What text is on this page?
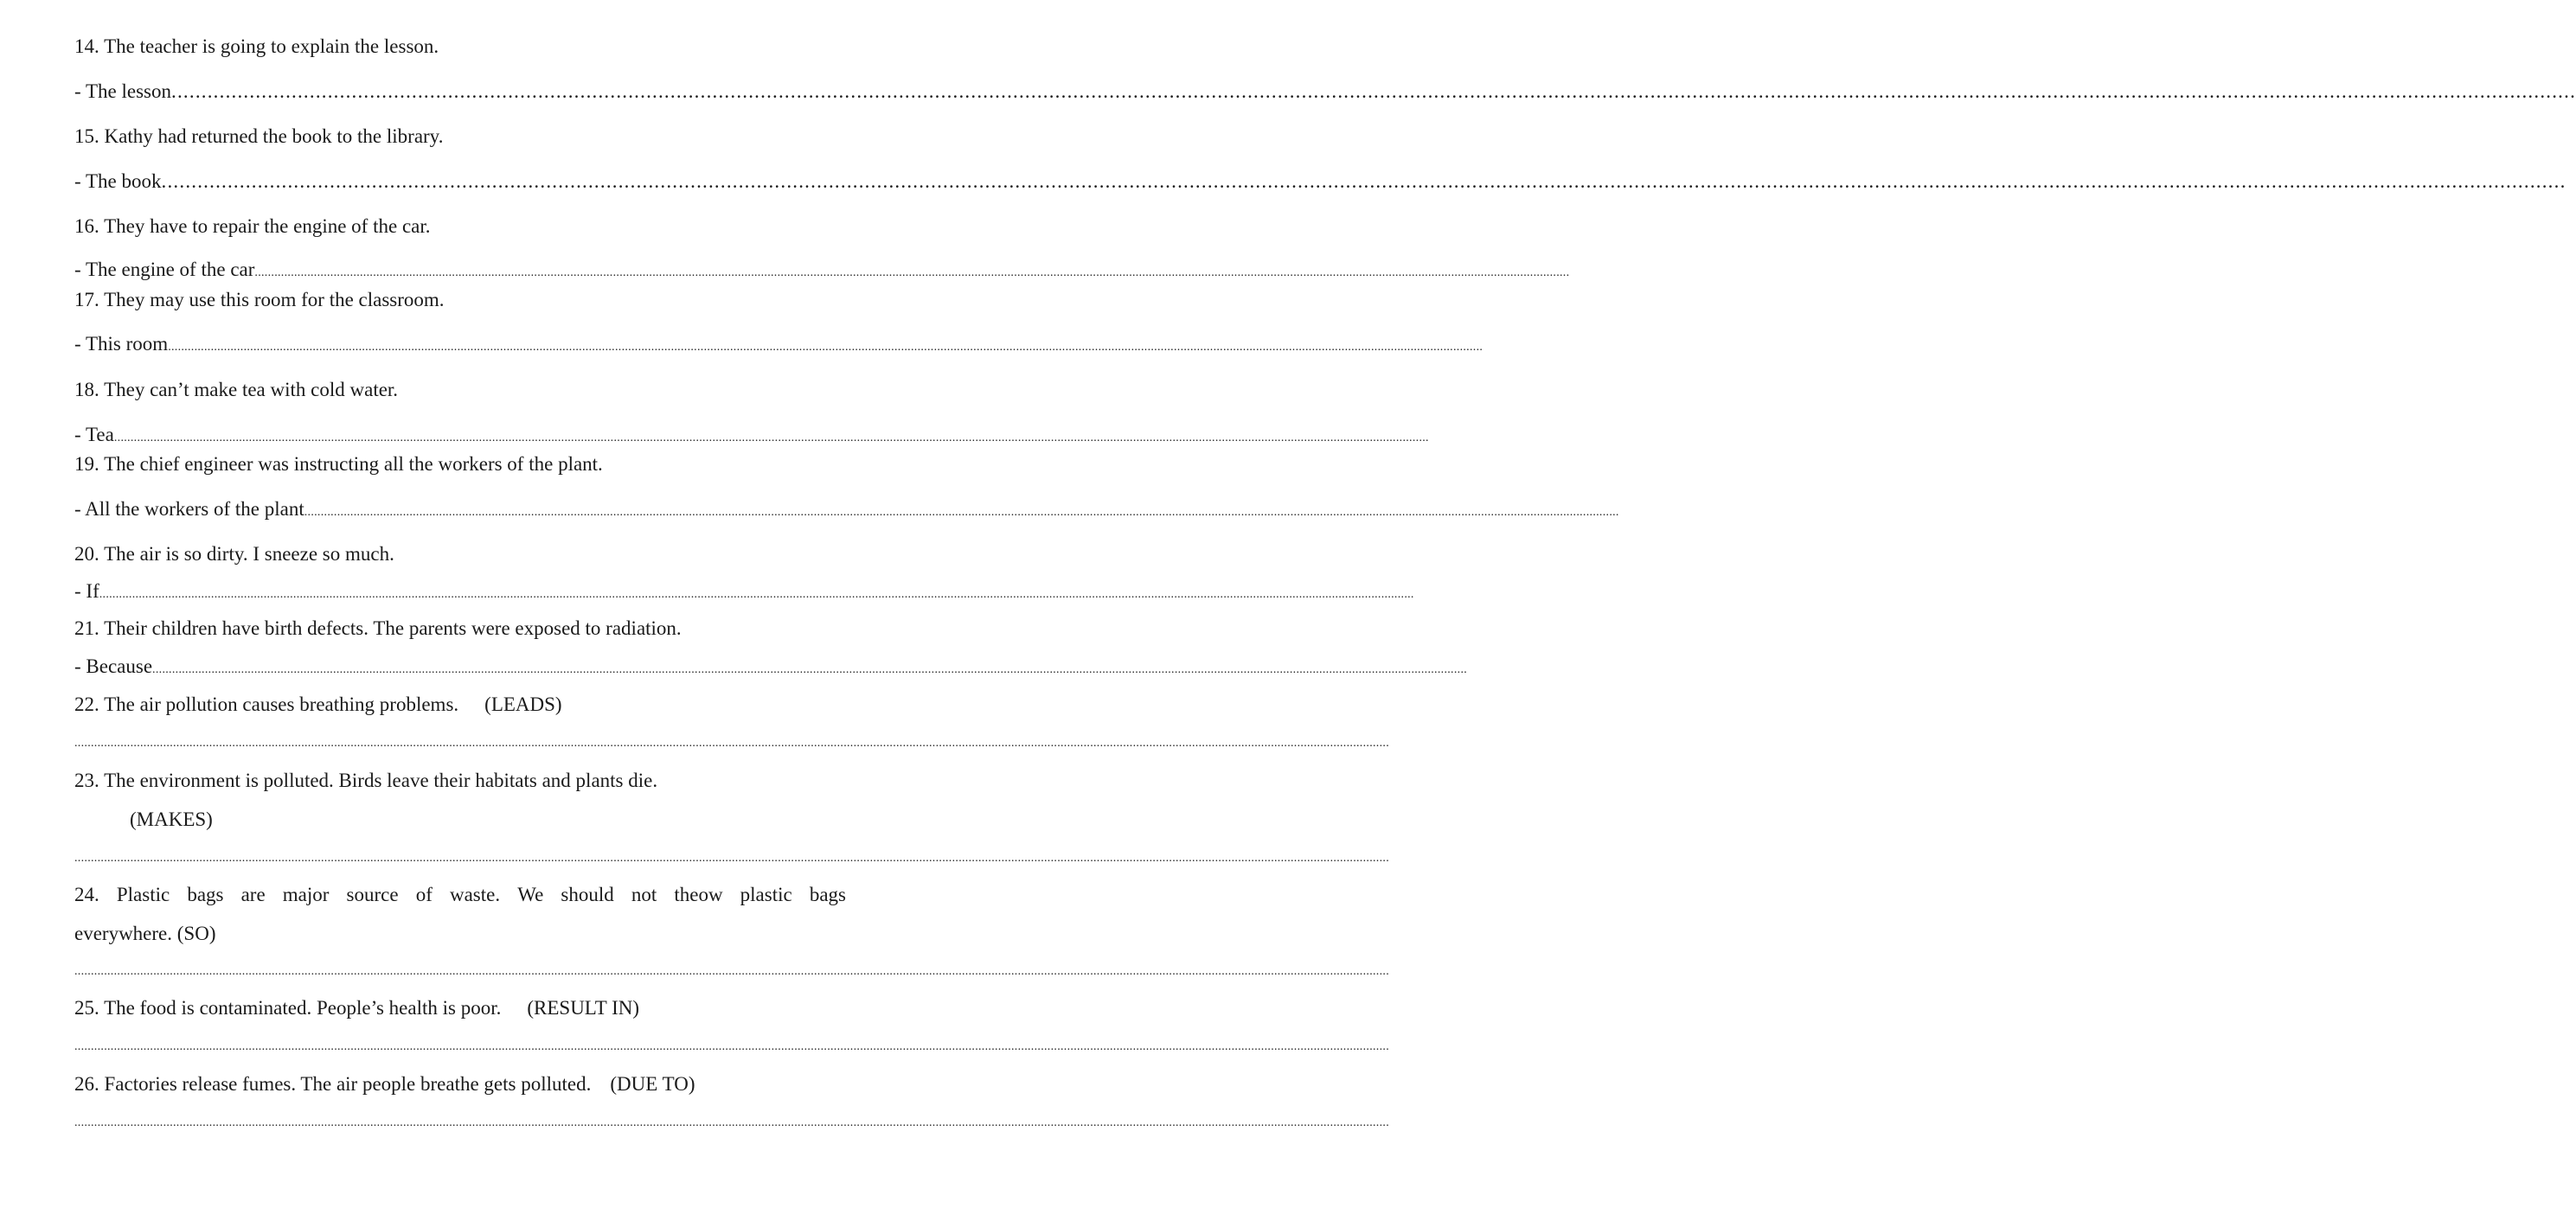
14. The teacher is going to explain the lesson.
- The lesson ................................................................................................................................................................................................................................................................................................................................................................................................................
15. Kathy had returned the book to the library.
- The book ................................................................................................................................................................................................................................................................................................................................................................................................................
16. They have to repair the engine of the car.
- The engine of the car ................................................................................................................................................................................................................................................................................................................................................................................................................
17. They may use this room for the classroom.
- This room ................................................................................................................................................................................................................................................................................................................................................................................................................
18. They can’t make tea with cold water.
- Tea ................................................................................................................................................................................................................................................................................................................................................................................................................
19. The chief engineer was instructing all the workers of the plant.
- All the workers of the plant ................................................................................................................................................................................................................................................................................................................................................................................................................
20. The air is so dirty. I sneeze so much.
- If ................................................................................................................................................................................................................................................................................................................................................................................................................
21. Their children have birth defects. The parents were exposed to radiation.
- Because ................................................................................................................................................................................................................................................................................................................................................................................................................
22. The air pollution causes breathing problems. (LEADS)
................................................................................................................................................................................................................................................................................................................................................................................................................
23. The environment is polluted. Birds leave their habitats and plants die.
(MAKES)
................................................................................................................................................................................................................................................................................................................................................................................................................
24. Plastic bags are major source of waste. We should not theow plastic bags
everywhere. (SO)
................................................................................................................................................................................................................................................................................................................................................................................................................
25. The food is contaminated. People’s health is poor. (RESULT IN)
................................................................................................................................................................................................................................................................................................................................................................................................................
26. Factories release fumes. The air people breathe gets polluted. (DUE TO)
................................................................................................................................................................................................................................................................................................................................................................................................................
